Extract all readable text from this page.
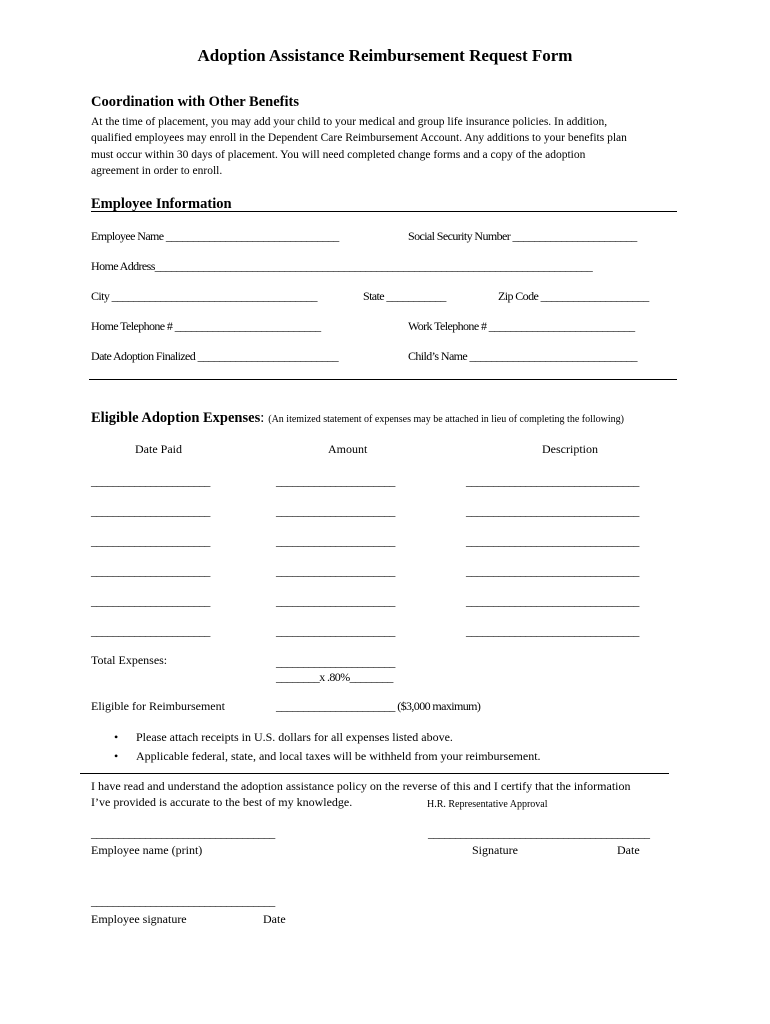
Adoption Assistance Reimbursement Request Form
Coordination with Other Benefits
At the time of placement, you may add your child to your medical and group life insurance policies. In addition,
qualified employees may enroll in the Dependent Care Reimbursement Account. Any additions to your benefits plan
must occur within 30 days of placement. You will need completed change forms and a copy of the adoption
agreement in order to enroll.
Employee Information
Employee Name ________________________________	Social Security Number _______________________
Home Address_________________________________________________________________________________
City ______________________________________	State ___________	Zip Code ____________________
Home Telephone # ___________________________	Work Telephone # ___________________________
Date Adoption Finalized __________________________	Child’s Name _______________________________
Eligible Adoption Expenses: (An itemized statement of expenses may be attached in lieu of completing the following)
Date Paid	Amount	Description
______________________	______________________	________________________________
______________________	______________________	________________________________
______________________	______________________	________________________________
______________________	______________________	________________________________
______________________	______________________	________________________________
______________________	______________________	________________________________
Total Expenses:	______________________
________x .80%________
Eligible for Reimbursement	______________________ ($3,000 maximum)
• Please attach receipts in U.S. dollars for all expenses listed above.
• Applicable federal, state, and local taxes will be withheld from your reimbursement.
I have read and understand the adoption assistance policy on the reverse of this and I certify that the information
I’ve provided is accurate to the best of my knowledge.	H.R. Representative Approval
__________________________________	_________________________________________
Employee name (print)	Signature	Date
__________________________________
Employee signature	Date
